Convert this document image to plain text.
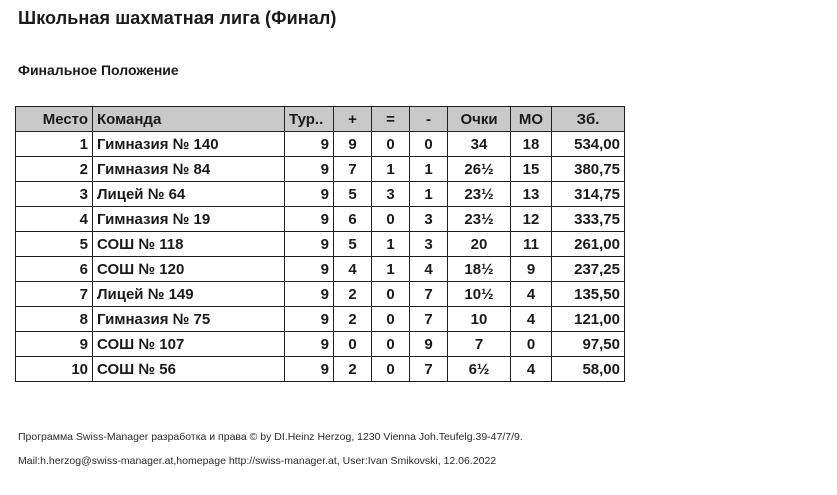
Школьная шахматная лига (Финал)
Финальное Положение
Место	Команда	Тур..	+	=	-	Очки	МО	Зб.
1	Гимназия № 140	9	9	0	0	34	18	534,00
2	Гимназия № 84	9	7	1	1	26½	15	380,75
3	Лицей № 64	9	5	3	1	23½	13	314,75
4	Гимназия № 19	9	6	0	3	23½	12	333,75
5	СОШ № 118	9	5	1	3	20	11	261,00
6	СОШ № 120	9	4	1	4	18½	9	237,25
7	Лицей № 149	9	2	0	7	10½	4	135,50
8	Гимназия № 75	9	2	0	7	10	4	121,00
9	СОШ № 107	9	0	0	9	7	0	97,50
10	СОШ № 56	9	2	0	7	6½	4	58,00
Программа Swiss-Manager разработка и права © by DI.Heinz Herzog, 1230 Vienna Joh.Teufelg.39-47/7/9.
Mail:h.herzog@swiss-manager.at,homepage http://swiss-manager.at, User:Ivan Smikovski, 12.06.2022
